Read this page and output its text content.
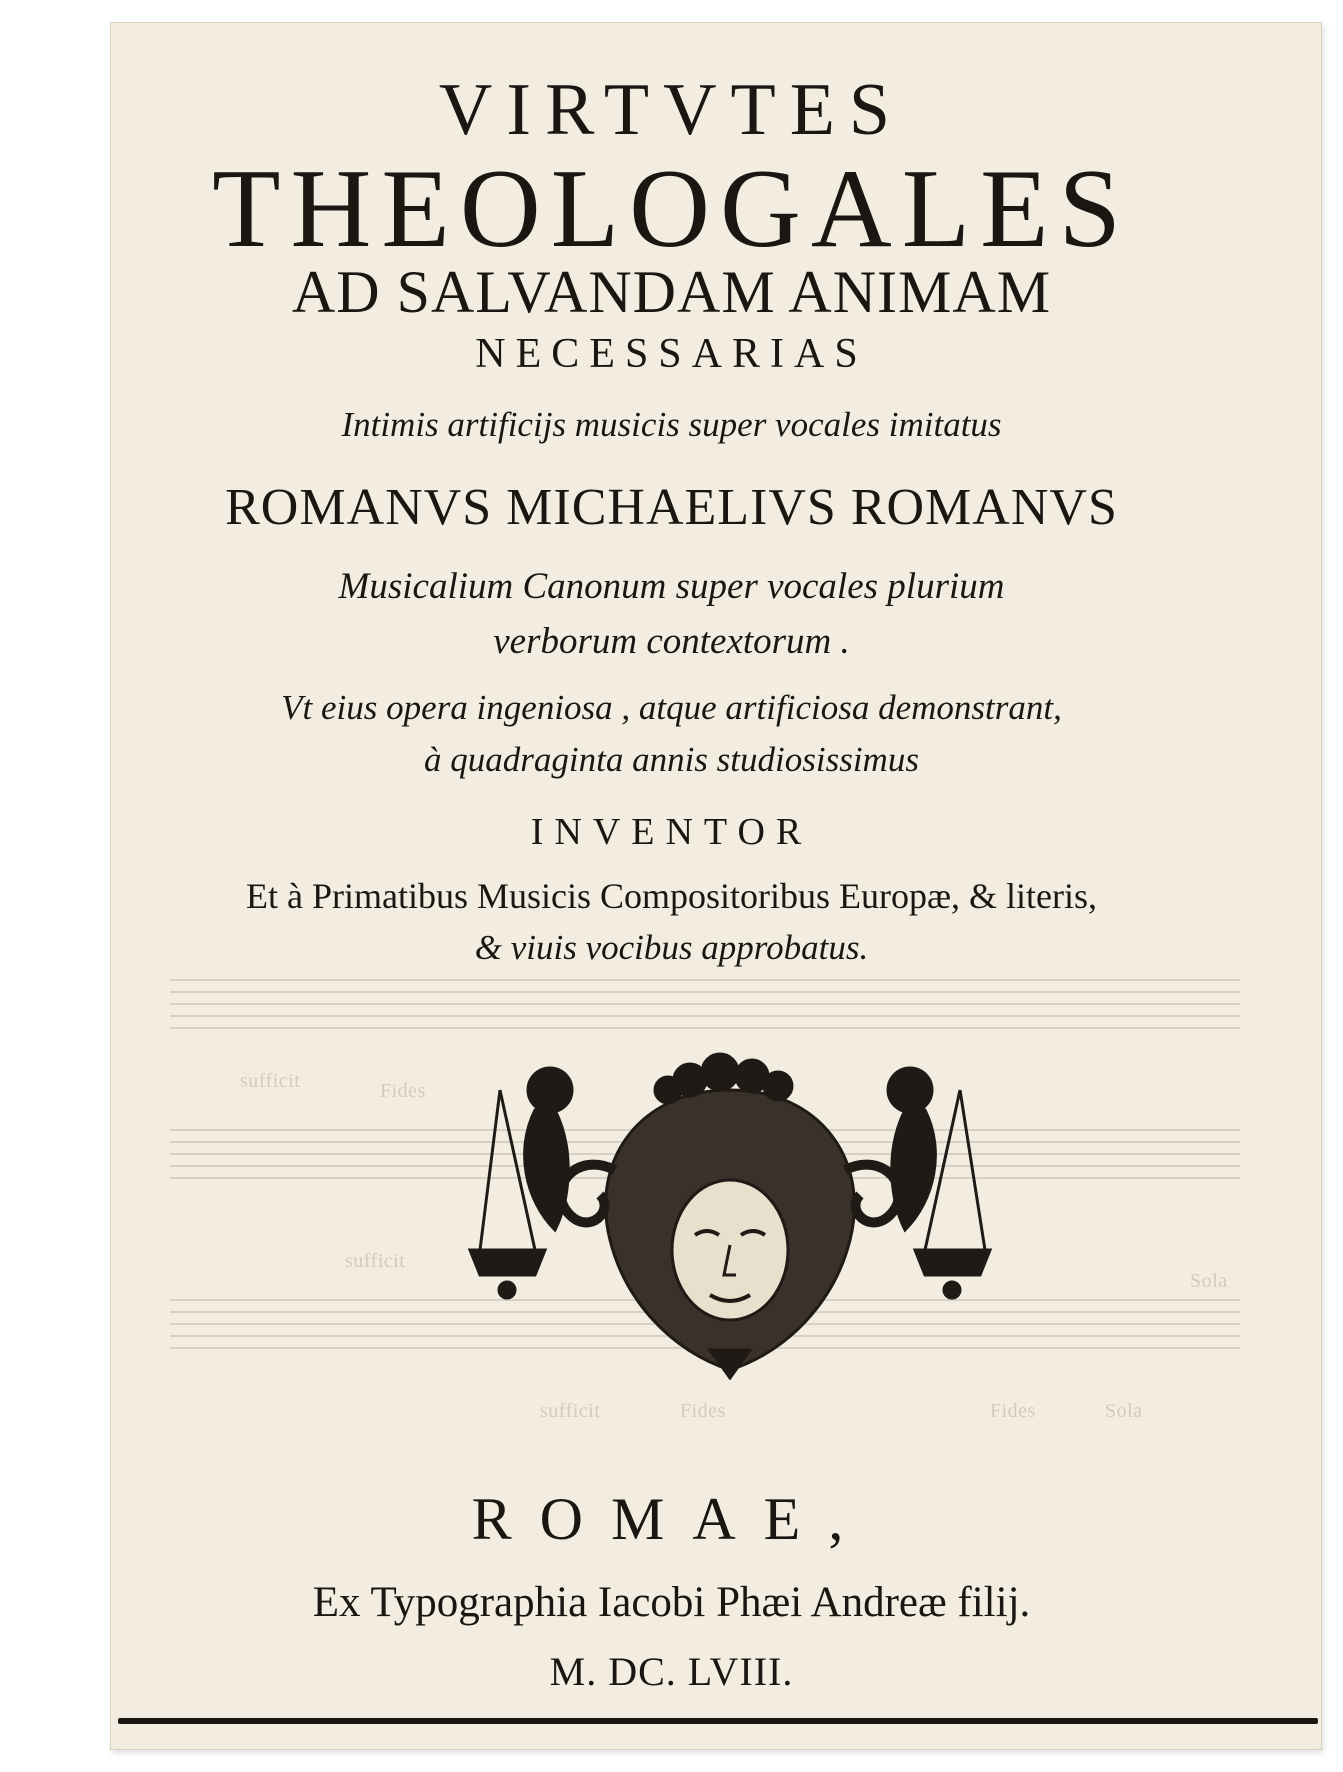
Fides
sufficit
Sola
Fides
sufficit
Sola
Fides
sufficit
VIRTVTES
THEOLOGALES
AD SALVANDAM ANIMAM
NECESSARIAS
Intimis artificijs musicis super vocales imitatus
ROMANVS MICHAELIVS ROMANVS
Musicalium Canonum super vocales plurium
verborum contextorum .
Vt eius opera ingeniosa , atque artificiosa demonstrant,
à quadraginta annis studiosissimus
INVENTOR
Et à Primatibus Musicis Compositoribus Europæ, & literis,
& viuis vocibus approbatus.
ROMAE,
Ex Typographia Iacobi Phæi Andreæ filij.
M. DC. LVIII.
